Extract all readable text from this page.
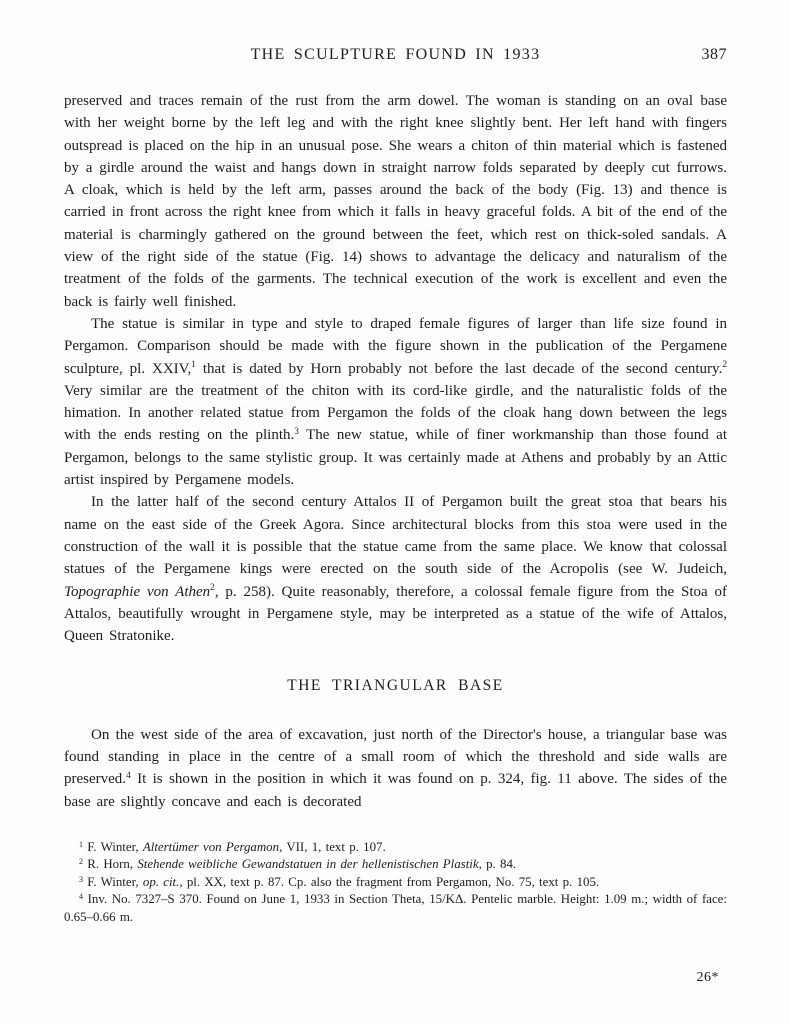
THE SCULPTURE FOUND IN 1933	387

preserved and traces remain of the rust from the arm dowel. The woman is standing on an oval base with her weight borne by the left leg and with the right knee slightly bent. Her left hand with fingers outspread is placed on the hip in an unusual pose. She wears a chiton of thin material which is fastened by a girdle around the waist and hangs down in straight narrow folds separated by deeply cut furrows. A cloak, which is held by the left arm, passes around the back of the body (Fig. 13) and thence is carried in front across the right knee from which it falls in heavy graceful folds. A bit of the end of the material is charmingly gathered on the ground between the feet, which rest on thick-soled sandals. A view of the right side of the statue (Fig. 14) shows to advantage the delicacy and naturalism of the treatment of the folds of the garments. The technical execution of the work is excellent and even the back is fairly well finished.

The statue is similar in type and style to draped female figures of larger than life size found in Pergamon. Comparison should be made with the figure shown in the publication of the Pergamene sculpture, pl. XXIV,$^1$ that is dated by Horn probably not before the last decade of the second century.$^2$ Very similar are the treatment of the chiton with its cord-like girdle, and the naturalistic folds of the himation. In another related statue from Pergamon the folds of the cloak hang down between the legs with the ends resting on the plinth.$^3$ The new statue, while of finer workmanship than those found at Pergamon, belongs to the same stylistic group. It was certainly made at Athens and probably by an Attic artist inspired by Pergamene models.

In the latter half of the second century Attalos II of Pergamon built the great stoa that bears his name on the east side of the Greek Agora. Since architectural blocks from this stoa were used in the construction of the wall it is possible that the statue came from the same place. We know that colossal statues of the Pergamene kings were erected on the south side of the Acropolis (see W. Judeich, Topographie von Athen$^2$, p. 258). Quite reasonably, therefore, a colossal female figure from the Stoa of Attalos, beautifully wrought in Pergamene style, may be interpreted as a statue of the wife of Attalos, Queen Stratonike.

THE TRIANGULAR BASE

On the west side of the area of excavation, just north of the Director's house, a triangular base was found standing in place in the centre of a small room of which the threshold and side walls are preserved.$^4$ It is shown in the position in which it was found on p. 324, fig. 11 above. The sides of the base are slightly concave and each is decorated

$^1$ F. Winter, Altertümer von Pergamon, VII, 1, text p. 107.

$^2$ R. Horn, Stehende weibliche Gewandstatuen in der hellenistischen Plastik, p. 84.

$^3$ F. Winter, op. cit., pl. XX, text p. 87. Cp. also the fragment from Pergamon, No. 75, text p. 105.

$^4$ Inv. No. 7327–S 370. Found on June 1, 1933 in Section Theta, 15/ΚΔ. Pentelic marble. Height: 1.09 m.; width of face: 0.65–0.66 m.

26*
